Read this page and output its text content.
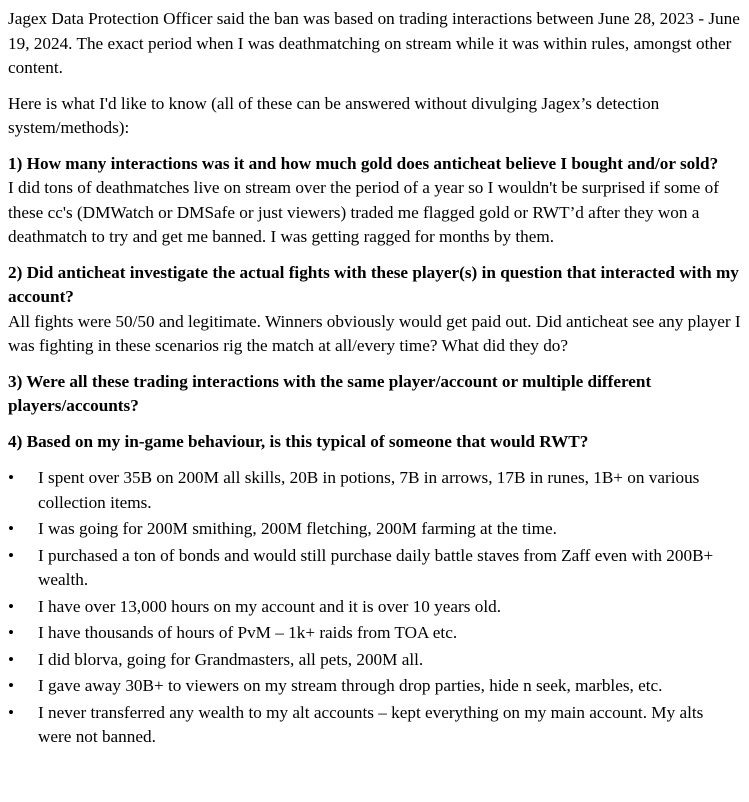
Jagex Data Protection Officer said the ban was based on trading interactions between June 28, 2023 - June 19, 2024. The exact period when I was deathmatching on stream while it was within rules, amongst other content.

Here is what I'd like to know (all of these can be answered without divulging Jagex’s detection system/methods):

1) How many interactions was it and how much gold does anticheat believe I bought and/or sold?

I did tons of deathmatches live on stream over the period of a year so I wouldn't be surprised if some of these cc's (DMWatch or DMSafe or just viewers) traded me flagged gold or RWT’d after they won a deathmatch to try and get me banned. I was getting ragged for months by them.

2) Did anticheat investigate the actual fights with these player(s) in question that interacted with my account?

All fights were 50/50 and legitimate. Winners obviously would get paid out. Did anticheat see any player I was fighting in these scenarios rig the match at all/every time? What did they do?

3) Were all these trading interactions with the same player/account or multiple different players/accounts?

4) Based on my in-game behaviour, is this typical of someone that would RWT?

•	I spent over 35B on 200M all skills, 20B in potions, 7B in arrows, 17B in runes, 1B+ on various collection items.
•	I was going for 200M smithing, 200M fletching, 200M farming at the time.
•	I purchased a ton of bonds and would still purchase daily battle staves from Zaff even with 200B+ wealth.
•	I have over 13,000 hours on my account and it is over 10 years old.
•	I have thousands of hours of PvM – 1k+ raids from TOA etc.
•	I did blorva, going for Grandmasters, all pets, 200M all.
•	I gave away 30B+ to viewers on my stream through drop parties, hide n seek, marbles, etc.
•	I never transferred any wealth to my alt accounts – kept everything on my main account. My alts were not banned.
